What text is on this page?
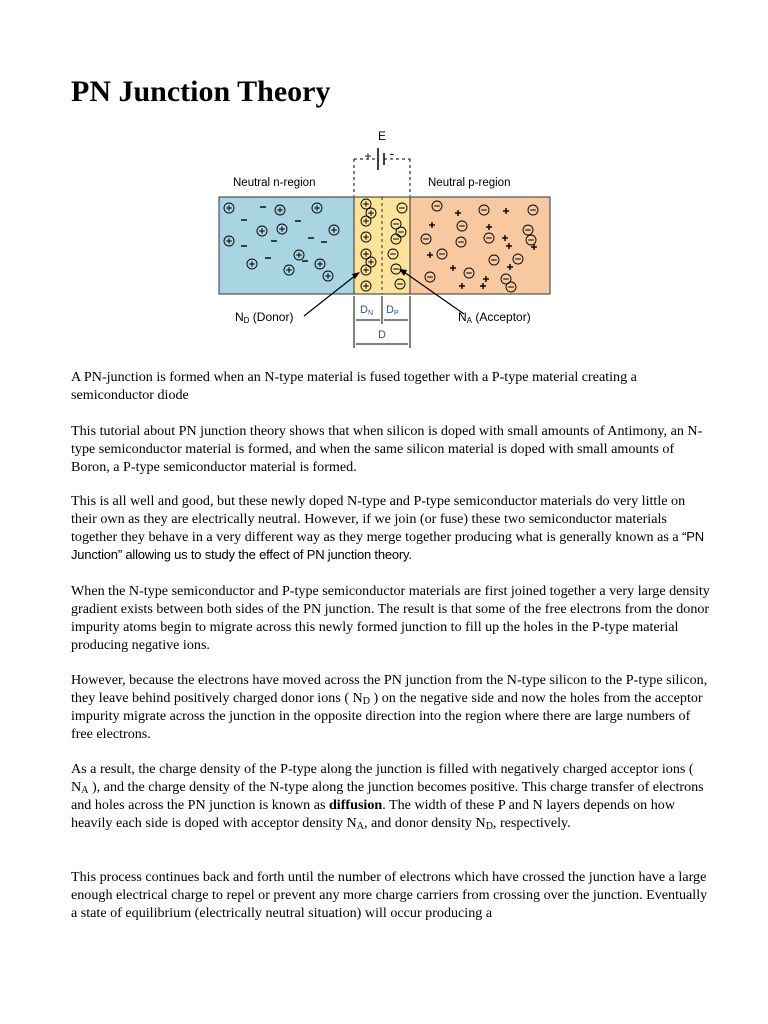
PN Junction Theory
E
+ -
Neutral n-region	Neutral p-region
ND (Donor)	NA (Acceptor)
DN DP
D

A PN-junction is formed when an N-type material is fused together with a P-type material creating a semiconductor diode

This tutorial about PN junction theory shows that when silicon is doped with small amounts of Antimony, an N-type semiconductor material is formed, and when the same silicon material is doped with small amounts of Boron, a P-type semiconductor material is formed.

This is all well and good, but these newly doped N-type and P-type semiconductor materials do very little on their own as they are electrically neutral. However, if we join (or fuse) these two semiconductor materials together they behave in a very different way as they merge together producing what is generally known as a “PN Junction” allowing us to study the effect of PN junction theory.

When the N-type semiconductor and P-type semiconductor materials are first joined together a very large density gradient exists between both sides of the PN junction. The result is that some of the free electrons from the donor impurity atoms begin to migrate across this newly formed junction to fill up the holes in the P-type material producing negative ions.

However, because the electrons have moved across the PN junction from the N-type silicon to the P-type silicon, they leave behind positively charged donor ions ( $N_D$ ) on the negative side and now the holes from the acceptor impurity migrate across the junction in the opposite direction into the region where there are large numbers of free electrons.

As a result, the charge density of the P-type along the junction is filled with negatively charged acceptor ions ( $N_A$ ), and the charge density of the N-type along the junction becomes positive. This charge transfer of electrons and holes across the PN junction is known as diffusion. The width of these P and N layers depends on how heavily each side is doped with acceptor density $N_A$, and donor density $N_D$, respectively.

This process continues back and forth until the number of electrons which have crossed the junction have a large enough electrical charge to repel or prevent any more charge carriers from crossing over the junction. Eventually a state of equilibrium (electrically neutral situation) will occur producing a
